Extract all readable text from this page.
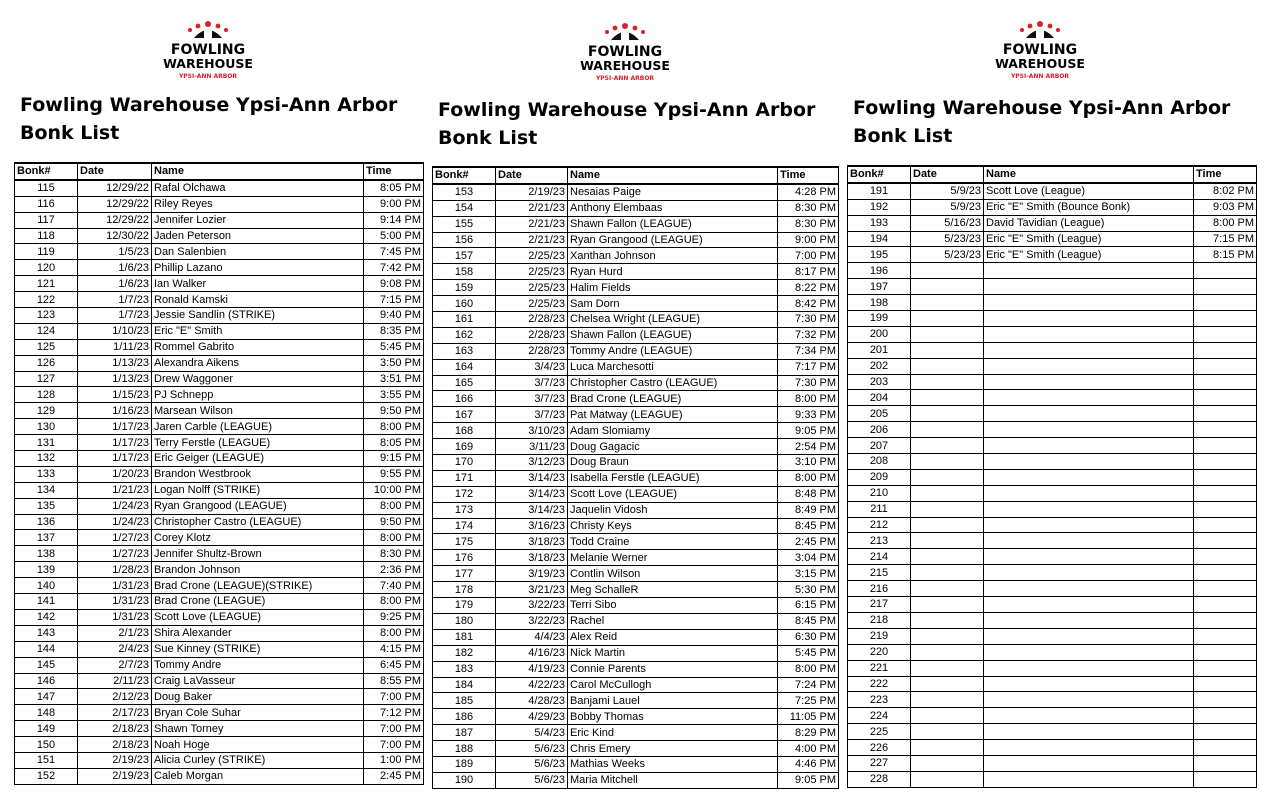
FOWLING
WAREHOUSE
YPSI-ANN ARBOR
Fowling Warehouse Ypsi-Ann Arbor
Bonk List
Bonk#	Date	Name	Time
115	12/29/22	Rafal Olchawa	8:05 PM
116	12/29/22	Riley Reyes	9:00 PM
117	12/29/22	Jennifer Lozier	9:14 PM
118	12/30/22	Jaden Peterson	5:00 PM
119	1/5/23	Dan Salenbien	7:45 PM
120	1/6/23	Phillip Lazano	7:42 PM
121	1/6/23	Ian Walker	9:08 PM
122	1/7/23	Ronald Kamski	7:15 PM
123	1/7/23	Jessie Sandlin (STRIKE)	9:40 PM
124	1/10/23	Eric "E" Smith	8:35 PM
125	1/11/23	Rommel Gabrito	5:45 PM
126	1/13/23	Alexandra Aikens	3:50 PM
127	1/13/23	Drew Waggoner	3:51 PM
128	1/15/23	PJ Schnepp	3:55 PM
129	1/16/23	Marsean Wilson	9:50 PM
130	1/17/23	Jaren Carble (LEAGUE)	8:00 PM
131	1/17/23	Terry Ferstle (LEAGUE)	8:05 PM
132	1/17/23	Eric Geiger (LEAGUE)	9:15 PM
133	1/20/23	Brandon Westbrook	9:55 PM
134	1/21/23	Logan Nolff (STRIKE)	10:00 PM
135	1/24/23	Ryan Grangood (LEAGUE)	8:00 PM
136	1/24/23	Christopher Castro (LEAGUE)	9:50 PM
137	1/27/23	Corey Klotz	8:00 PM
138	1/27/23	Jennifer Shultz-Brown	8:30 PM
139	1/28/23	Brandon Johnson	2:36 PM
140	1/31/23	Brad Crone (LEAGUE)(STRIKE)	7:40 PM
141	1/31/23	Brad Crone (LEAGUE)	8:00 PM
142	1/31/23	Scott Love (LEAGUE)	9:25 PM
143	2/1/23	Shira Alexander	8:00 PM
144	2/4/23	Sue Kinney (STRIKE)	4:15 PM
145	2/7/23	Tommy Andre	6:45 PM
146	2/11/23	Craig LaVasseur	8:55 PM
147	2/12/23	Doug Baker	7:00 PM
148	2/17/23	Bryan Cole Suhar	7:12 PM
149	2/18/23	Shawn Torney	7:00 PM
150	2/18/23	Noah Hoge	7:00 PM
151	2/19/23	Alicia Curley (STRIKE)	1:00 PM
152	2/19/23	Caleb Morgan	2:45 PM
FOWLING
WAREHOUSE
YPSI-ANN ARBOR
Fowling Warehouse Ypsi-Ann Arbor
Bonk List
Bonk#	Date	Name	Time
153	2/19/23	Nesaias Paige	4:28 PM
154	2/21/23	Anthony Elembaas	8:30 PM
155	2/21/23	Shawn Fallon (LEAGUE)	8:30 PM
156	2/21/23	Ryan Grangood (LEAGUE)	9:00 PM
157	2/25/23	Xanthan Johnson	7:00 PM
158	2/25/23	Ryan Hurd	8:17 PM
159	2/25/23	Halim Fields	8:22 PM
160	2/25/23	Sam Dorn	8:42 PM
161	2/28/23	Chelsea Wright (LEAGUE)	7:30 PM
162	2/28/23	Shawn Fallon (LEAGUE)	7:32 PM
163	2/28/23	Tommy Andre (LEAGUE)	7:34 PM
164	3/4/23	Luca Marchesotti	7:17 PM
165	3/7/23	Christopher Castro (LEAGUE)	7:30 PM
166	3/7/23	Brad Crone (LEAGUE)	8:00 PM
167	3/7/23	Pat Matway (LEAGUE)	9:33 PM
168	3/10/23	Adam Slomiamy	9:05 PM
169	3/11/23	Doug Gagacic	2:54 PM
170	3/12/23	Doug Braun	3:10 PM
171	3/14/23	Isabella Ferstle (LEAGUE)	8:00 PM
172	3/14/23	Scott Love (LEAGUE)	8:48 PM
173	3/14/23	Jaquelin Vidosh	8:49 PM
174	3/16/23	Christy Keys	8:45 PM
175	3/18/23	Todd Craine	2:45 PM
176	3/18/23	Melanie Werner	3:04 PM
177	3/19/23	Contlin Wilson	3:15 PM
178	3/21/23	Meg SchalleR	5:30 PM
179	3/22/23	Terri Sibo	6:15 PM
180	3/22/23	Rachel	8:45 PM
181	4/4/23	Alex Reid	6:30 PM
182	4/16/23	Nick Martin	5:45 PM
183	4/19/23	Connie Parents	8:00 PM
184	4/22/23	Carol McCullogh	7:24 PM
185	4/28/23	Banjami Lauel	7:25 PM
186	4/29/23	Bobby Thomas	11:05 PM
187	5/4/23	Eric Kind	8:29 PM
188	5/6/23	Chris Emery	4:00 PM
189	5/6/23	Mathias Weeks	4:46 PM
190	5/6/23	Maria Mitchell	9:05 PM
FOWLING
WAREHOUSE
YPSI-ANN ARBOR
Fowling Warehouse Ypsi-Ann Arbor
Bonk List
Bonk#	Date	Name	Time
191	5/9/23	Scott Love (League)	8:02 PM
192	5/9/23	Eric "E" Smith (Bounce Bonk)	9:03 PM
193	5/16/23	David Tavidian (League)	8:00 PM
194	5/23/23	Eric "E" Smith (League)	7:15 PM
195	5/23/23	Eric "E" Smith (League)	8:15 PM
196			
197			
198			
199			
200			
201			
202			
203			
204			
205			
206			
207			
208			
209			
210			
211			
212			
213			
214			
215			
216			
217			
218			
219			
220			
221			
222			
223			
224			
225			
226			
227			
228			
